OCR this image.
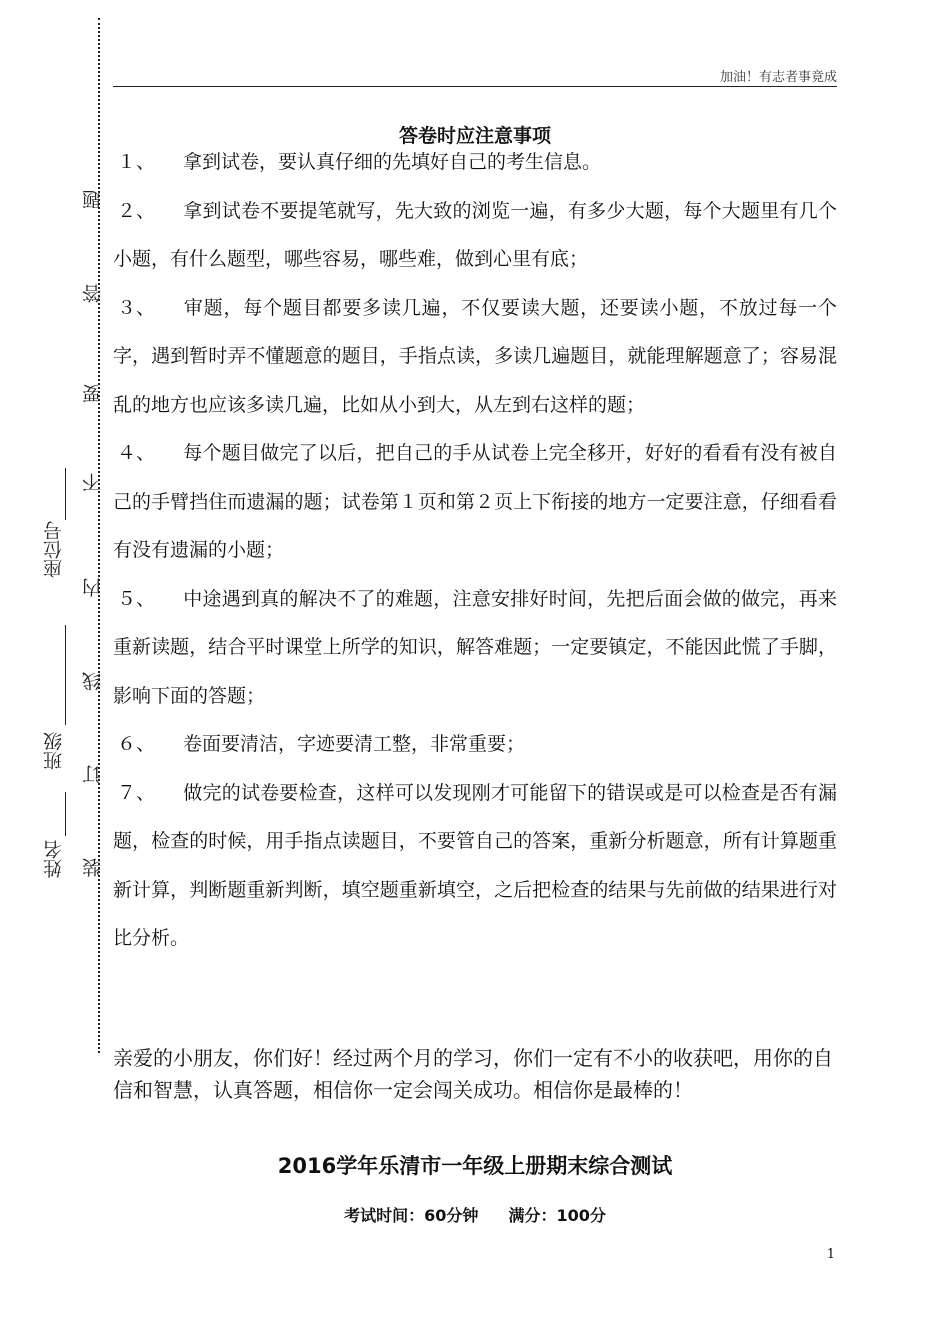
题
答
要
不
内
线
订
装
座位号
班级
姓名
加油！有志者事竟成
答卷时应注意事项
１、 拿到试卷，要认真仔细的先填好自己的考生信息。
２、 拿到试卷不要提笔就写，先大致的浏览一遍，有多少大题，每个大题里有几个小题，有什么题型，哪些容易，哪些难，做到心里有底；
３、 审题，每个题目都要多读几遍，不仅要读大题，还要读小题，不放过每一个字，遇到暂时弄不懂题意的题目，手指点读，多读几遍题目，就能理解题意了；容易混乱的地方也应该多读几遍，比如从小到大，从左到右这样的题；
４、 每个题目做完了以后，把自己的手从试卷上完全移开，好好的看看有没有被自己的手臂挡住而遗漏的题；试卷第１页和第２页上下衔接的地方一定要注意，仔细看看有没有遗漏的小题；
５、 中途遇到真的解决不了的难题，注意安排好时间，先把后面会做的做完，再来重新读题，结合平时课堂上所学的知识，解答难题；一定要镇定，不能因此慌了手脚，影响下面的答题；
６、 卷面要清洁，字迹要清工整，非常重要；
７、 做完的试卷要检查，这样可以发现刚才可能留下的错误或是可以检查是否有漏题，检查的时候，用手指点读题目，不要管自己的答案，重新分析题意，所有计算题重新计算，判断题重新判断，填空题重新填空，之后把检查的结果与先前做的结果进行对比分析。

亲爱的小朋友，你们好！经过两个月的学习，你们一定有不小的收获吧，用你的自信和智慧，认真答题，相信你一定会闯关成功。相信你是最棒的！

2016学年乐清市一年级上册期末综合测试
考试时间：60分钟 满分：100分
1
